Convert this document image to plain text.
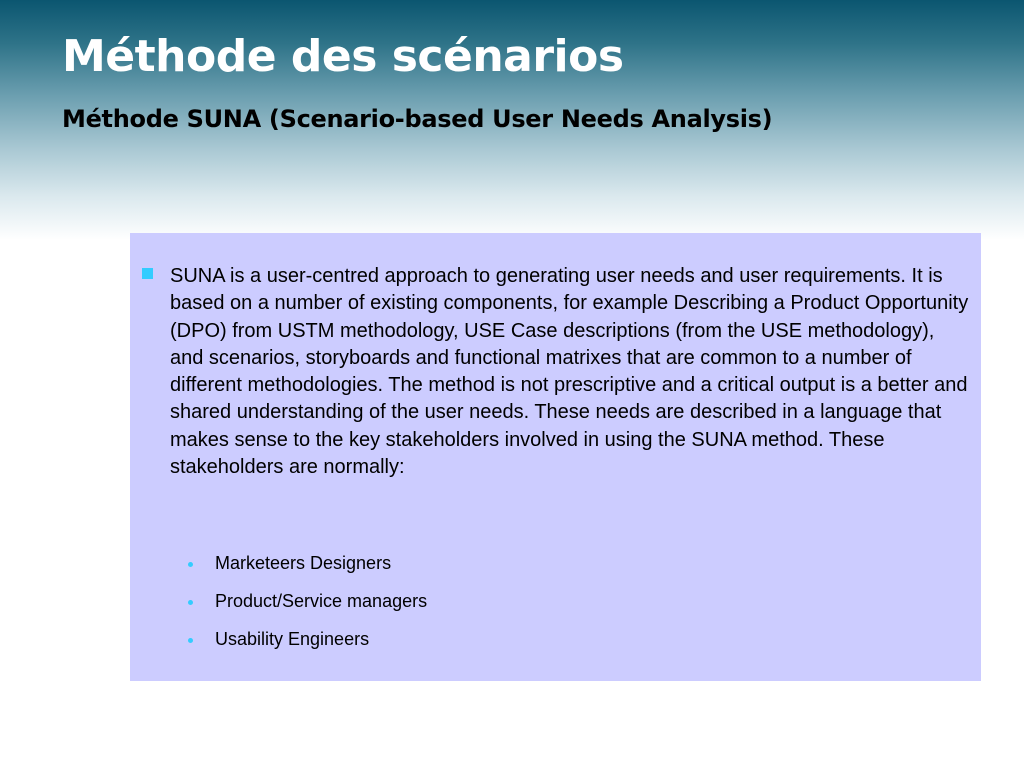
Méthode des scénarios
Méthode SUNA (Scenario-based User Needs Analysis)

SUNA is a user-centred approach to generating user needs and user requirements. It is based on a number of existing components, for example Describing a Product Opportunity (DPO) from USTM methodology, USE Case descriptions (from the USE methodology), and scenarios, storyboards and functional matrixes that are common to a number of different methodologies. The method is not prescriptive and a critical output is a better and shared understanding of the user needs. These needs are described in a language that makes sense to the key stakeholders involved in using the SUNA method. These stakeholders are normally:

Marketeers Designers
Product/Service managers
Usability Engineers
